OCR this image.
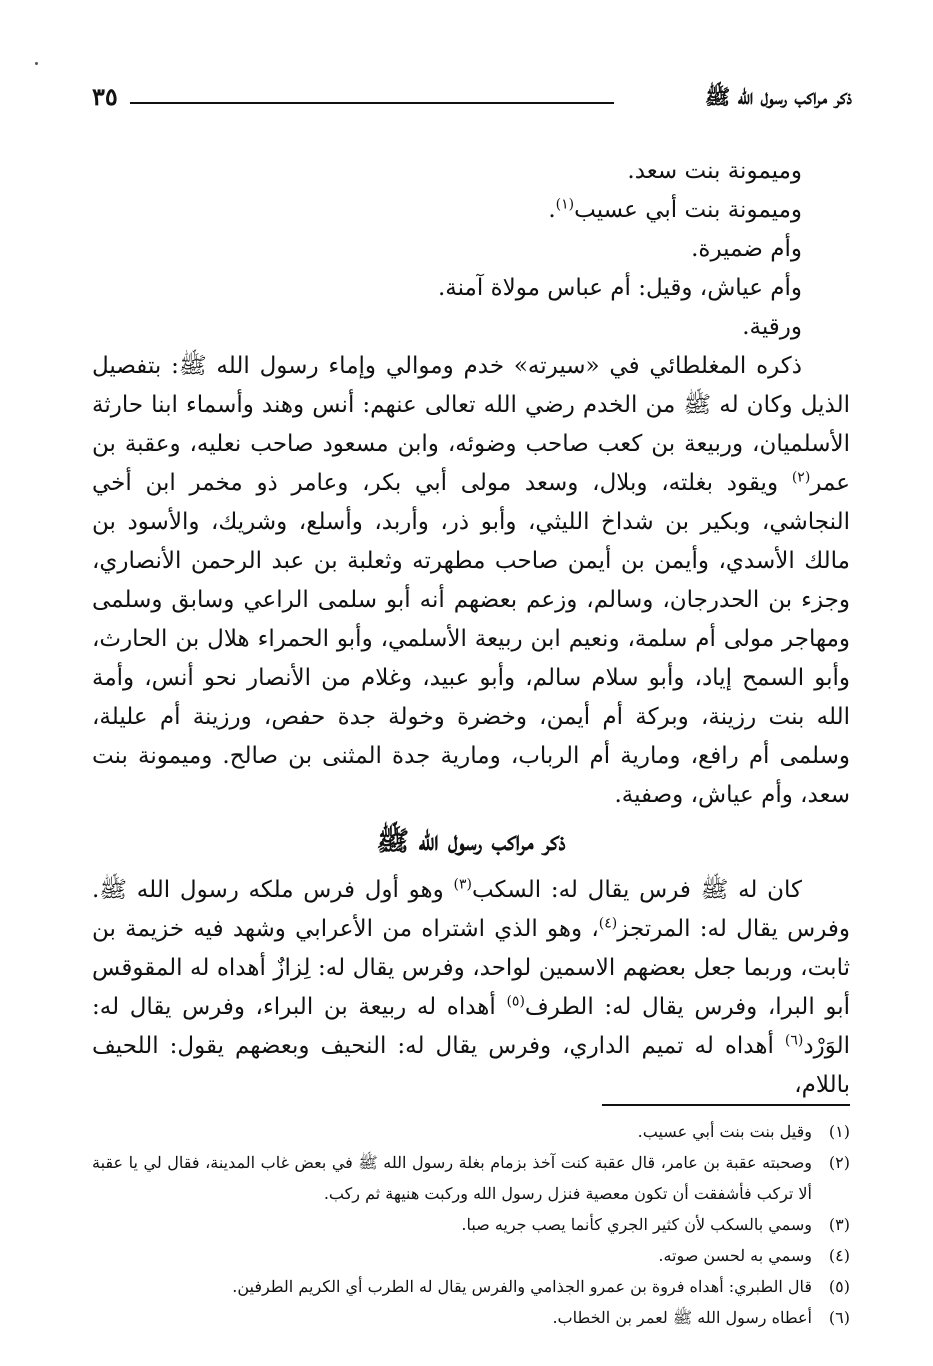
ذكر مراكب رسول الله ﷺ
٣٥

وميمونة بنت سعد.

وميمونة بنت أبي عسيب$^{(١)}$.

وأم ضميرة.

وأم عياش، وقيل: أم عباس مولاة آمنة.

ورقية.

ذكره المغلطائي في «سيرته» خدم وموالي وإماء رسول الله ﷺ: بتفصيل الذيل وكان له ﷺ من الخدم رضي الله تعالى عنهم: أنس وهند وأسماء ابنا حارثة الأسلميان، وربيعة بن كعب صاحب وضوئه، وابن مسعود صاحب نعليه، وعقبة بن عمر$^{(٢)}$ ويقود بغلته، وبلال، وسعد مولى أبي بكر، وعامر ذو مخمر ابن أخي النجاشي، وبكير بن شداخ الليثي، وأبو ذر، وأربد، وأسلع، وشريك، والأسود بن مالك الأسدي، وأيمن بن أيمن صاحب مطهرته وثعلبة بن عبد الرحمن الأنصاري، وجزء بن الحدرجان، وسالم، وزعم بعضهم أنه أبو سلمى الراعي وسابق وسلمى ومهاجر مولى أم سلمة، ونعيم ابن ربيعة الأسلمي، وأبو الحمراء هلال بن الحارث، وأبو السمح إياد، وأبو سلام سالم، وأبو عبيد، وغلام من الأنصار نحو أنس، وأمة الله بنت رزينة، وبركة أم أيمن، وخضرة وخولة جدة حفص، ورزينة أم عليلة، وسلمى أم رافع، ومارية أم الرباب، ومارية جدة المثنى بن صالح. وميمونة بنت سعد، وأم عياش، وصفية.

ذكر مراكب رسول الله ﷺ

كان له ﷺ فرس يقال له: السكب$^{(٣)}$ وهو أول فرس ملكه رسول الله ﷺ. وفرس يقال له: المرتجز$^{(٤)}$، وهو الذي اشتراه من الأعرابي وشهد فيه خزيمة بن ثابت، وربما جعل بعضهم الاسمين لواحد، وفرس يقال له: لِزازٌ أهداه له المقوقس أبو البرا، وفرس يقال له: الطرف$^{(٥)}$ أهداه له ربيعة بن البراء، وفرس يقال له: الوَرْد$^{(٦)}$ أهداه له تميم الداري، وفرس يقال له: النحيف وبعضهم يقول: اللحيف باللام،

(١)
وقيل بنت بنت أبي عسيب.
(٢)
وصحبته عقبة بن عامر، قال عقبة كنت آخذ بزمام بغلة رسول الله ﷺ في بعض غاب المدينة، فقال لي يا عقبة ألا تركب فأشفقت أن تكون معصية فنزل رسول الله وركبت هنيهة ثم ركب.
(٣)
وسمي بالسكب لأن كثير الجري كأنما يصب جريه صبا.
(٤)
وسمي به لحسن صوته.
(٥)
قال الطبري: أهداه فروة بن عمرو الجذامي والفرس يقال له الطرب أي الكريم الطرفين.
(٦)
أعطاه رسول الله ﷺ لعمر بن الخطاب.
